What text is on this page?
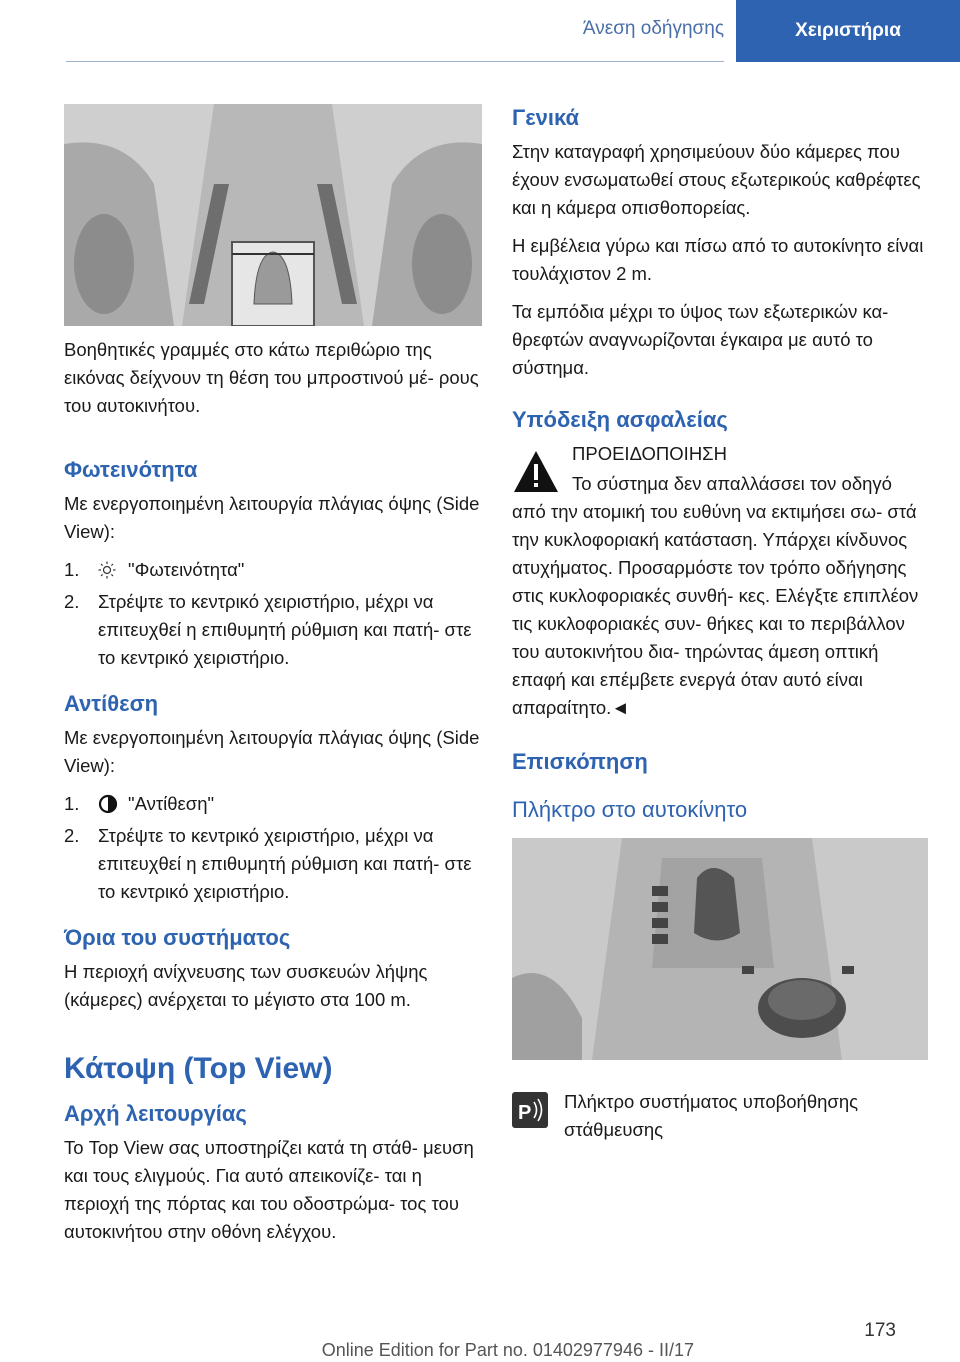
Άνεση οδήγησης	Χειριστήρια

Βοηθητικές γραμμές στο κάτω περιθώριο της εικόνας δείχνουν τη θέση του μπροστινού μέ‐ ρους του αυτοκινήτου.

Φωτεινότητα

Με ενεργοποιημένη λειτουργία πλάγιας όψης (Side View):

1.	"Φωτεινότητα"
2.	Στρέψτε το κεντρικό χειριστήριο, μέχρι να επιτευχθεί η επιθυμητή ρύθμιση και πατή‐ στε το κεντρικό χειριστήριο.
Αντίθεση

Με ενεργοποιημένη λειτουργία πλάγιας όψης (Side View):

1.	"Αντίθεση"
2.	Στρέψτε το κεντρικό χειριστήριο, μέχρι να επιτευχθεί η επιθυμητή ρύθμιση και πατή‐ στε το κεντρικό χειριστήριο.
Όρια του συστήματος

Η περιοχή ανίχνευσης των συσκευών λήψης (κάμερες) ανέρχεται το μέγιστο στα 100 m.

Κάτοψη (Top View)
Αρχή λειτουργίας

Το Top View σας υποστηρίζει κατά τη στάθ‐ μευση και τους ελιγμούς. Για αυτό απεικονίζε‐ ται η περιοχή της πόρτας και του οδοστρώμα‐ τος του αυτοκινήτου στην οθόνη ελέγχου.

Γενικά

Στην καταγραφή χρησιμεύουν δύο κάμερες που έχουν ενσωματωθεί στους εξωτερικούς καθρέφτες και η κάμερα οπισθοπορείας.

Η εμβέλεια γύρω και πίσω από το αυτοκίνητο είναι τουλάχιστον 2 m.

Τα εμπόδια μέχρι το ύψος των εξωτερικών κα‐ θρεφτών αναγνωρίζονται έγκαιρα με αυτό το σύστημα.

Υπόδειξη ασφαλείας

ΠΡΟΕΙΔΟΠΟΙΗΣΗ

Το σύστημα δεν απαλλάσσει τον οδηγό

από την ατομική του ευθύνη να εκτιμήσει σω‐ στά την κυκλοφοριακή κατάσταση. Υπάρχει κίνδυνος ατυχήματος. Προσαρμόστε τον τρόπο οδήγησης στις κυκλοφοριακές συνθή‐ κες. Ελέγξτε επιπλέον τις κυκλοφοριακές συν‐ θήκες και το περιβάλλον του αυτοκινήτου δια‐ τηρώντας άμεση οπτική επαφή και επέμβετε ενεργά όταν αυτό είναι απαραίτητο.◄

Επισκόπηση
Πλήκτρο στο αυτοκίνητο
P

Πλήκτρο συστήματος υποβοήθησης στάθμευσης

173
Online Edition for Part no. 01402977946 - II/17
